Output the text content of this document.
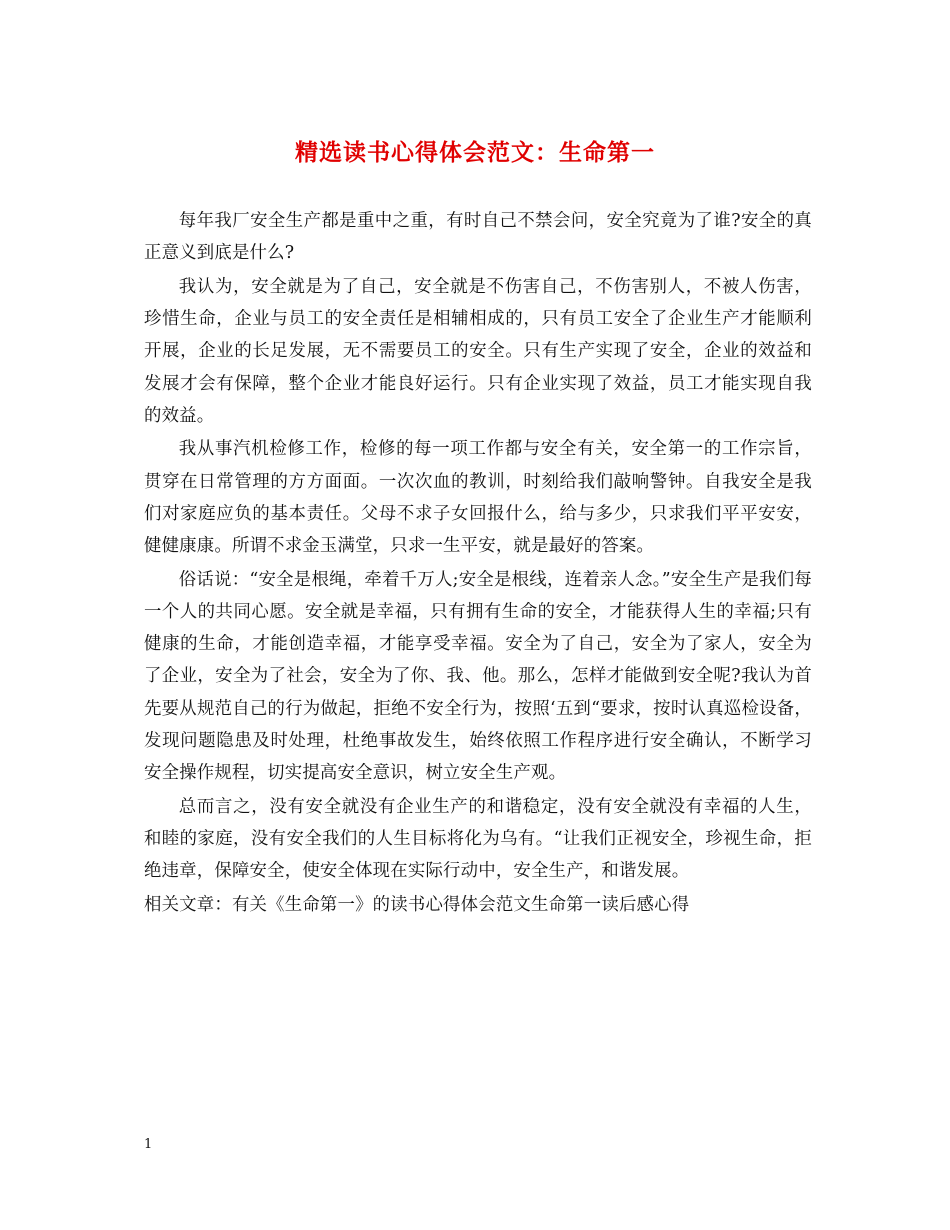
精选读书心得体会范文：生命第一

每年我厂安全生产都是重中之重，有时自己不禁会问，安全究竟为了谁?安全的真正意义到底是什么?

我认为，安全就是为了自己，安全就是不伤害自己，不伤害别人，不被人伤害，珍惜生命，企业与员工的安全责任是相辅相成的，只有员工安全了企业生产才能顺利开展，企业的长足发展，无不需要员工的安全。只有生产实现了安全，企业的效益和发展才会有保障，整个企业才能良好运行。只有企业实现了效益，员工才能实现自我的效益。

我从事汽机检修工作，检修的每一项工作都与安全有关，安全第一的工作宗旨，贯穿在日常管理的方方面面。一次次血的教训，时刻给我们敲响警钟。自我安全是我们对家庭应负的基本责任。父母不求子女回报什么，给与多少，只求我们平平安安，健健康康。所谓不求金玉满堂，只求一生平安，就是最好的答案。

俗话说：“安全是根绳，牵着千万人;安全是根线，连着亲人念。”安全生产是我们每一个人的共同心愿。安全就是幸福，只有拥有生命的安全，才能获得人生的幸福;只有健康的生命，才能创造幸福，才能享受幸福。安全为了自己，安全为了家人，安全为了企业，安全为了社会，安全为了你、我、他。那么，怎样才能做到安全呢?我认为首先要从规范自己的行为做起，拒绝不安全行为，按照‘五到“要求，按时认真巡检设备，发现问题隐患及时处理，杜绝事故发生，始终依照工作程序进行安全确认，不断学习安全操作规程，切实提高安全意识，树立安全生产观。

总而言之，没有安全就没有企业生产的和谐稳定，没有安全就没有幸福的人生，和睦的家庭，没有安全我们的人生目标将化为乌有。“让我们正视安全，珍视生命，拒绝违章，保障安全，使安全体现在实际行动中，安全生产，和谐发展。

相关文章：有关《生命第一》的读书心得体会范文生命第一读后感心得

1
